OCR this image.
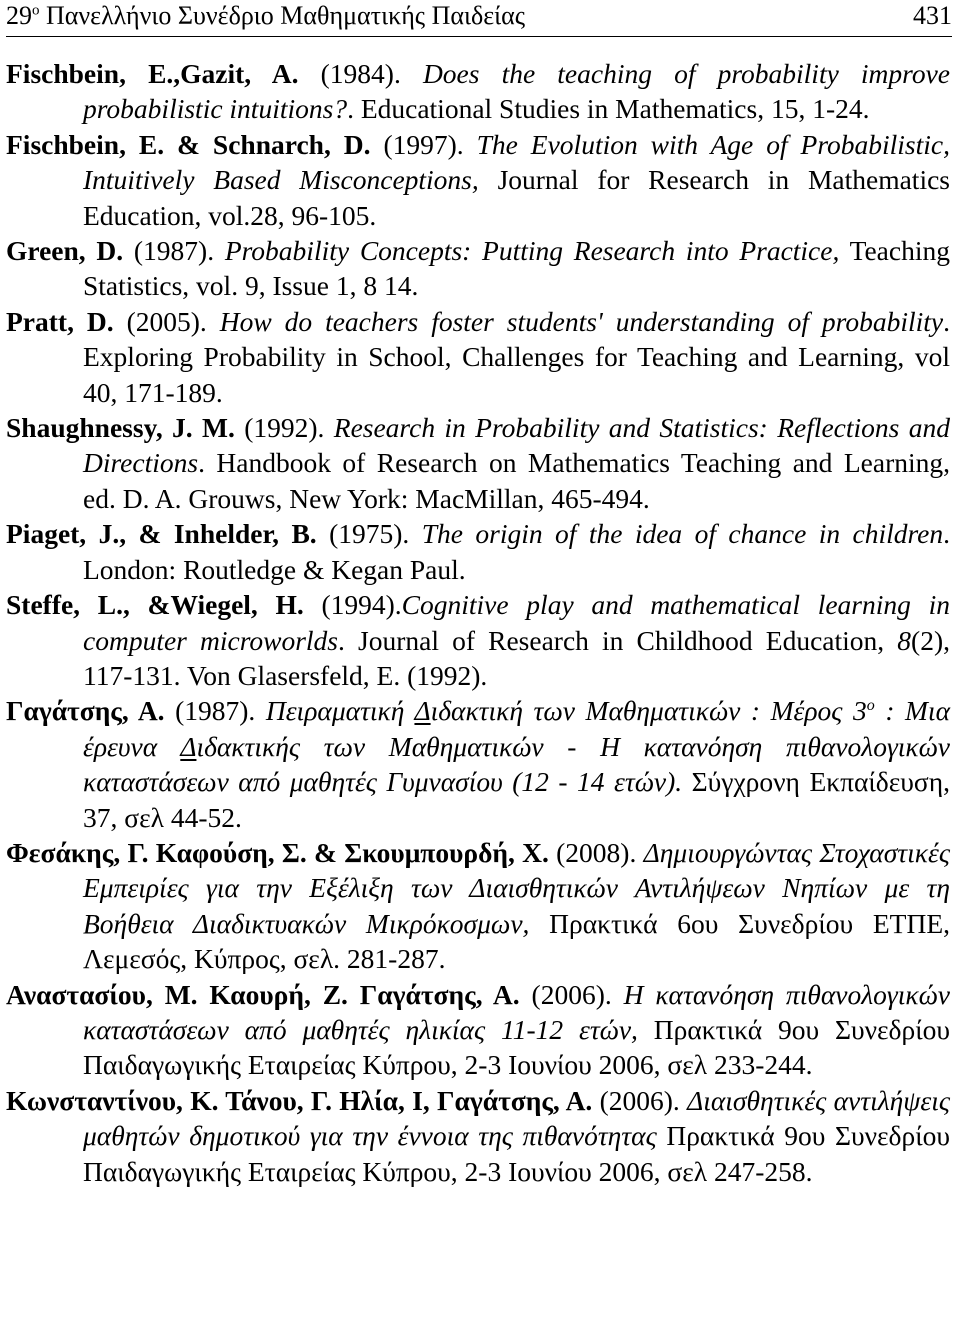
$29^o$ Πανελλήνιο Συνέδριο Μαθηματικής Παιδείας	431
Fischbein, E.,Gazit, A. (1984). Does the teaching of probability improve probabilistic intuitions?. Educational Studies in Mathematics, 15, 1-24.
Fischbein, E. & Schnarch, D. (1997). The Evolution with Age of Probabilistic, Intuitively Based Misconceptions, Journal for Research in Mathematics Education, vol.28, 96-105.
Green, D. (1987). Probability Concepts: Putting Research into Practice, Teaching Statistics, vol. 9, Issue 1, 8 14.
Pratt, D. (2005). How do teachers foster students' understanding of probability. Exploring Probability in School, Challenges for Teaching and Learning, vol 40, 171-189.
Shaughnessy, J. M. (1992). Research in Probability and Statistics: Reflections and Directions. Handbook of Research on Mathematics Teaching and Learning, ed. D. A. Grouws, New York: MacMillan, 465-494.
Piaget, J., & Inhelder, B. (1975). The origin of the idea of chance in children. London: Routledge & Kegan Paul.
Steffe, L., &Wiegel, H. (1994).Cognitive play and mathematical learning in computer microworlds. Journal of Research in Childhood Education, 8(2), 117-131. Von Glasersfeld, E. (1992).
Γαγάτσης, Α. (1987). Πειραματική Διδακτική των Μαθηματικών : Μέρος $3^o$ : Μια έρευνα Διδακτικής των Μαθηματικών - Η κατανόηση πιθανολογικών καταστάσεων από μαθητές Γυμνασίου (12 - 14 ετών). Σύγχρονη Εκπαίδευση, 37, σελ 44-52.
Φεσάκης, Γ. Καφούση, Σ. & Σκουμπουρδή, Χ. (2008). Δημιουργώντας Στοχαστικές Εμπειρίες για την Εξέλιξη των Διαισθητικών Αντιλήψεων Νηπίων με τη Βοήθεια Διαδικτυακών Μικρόκοσμων, Πρακτικά 6ου Συνεδρίου ΕΤΠΕ, Λεμεσός, Κύπρος, σελ. 281-287.
Αναστασίου, Μ. Καουρή, Ζ. Γαγάτσης, Α. (2006). Η κατανόηση πιθανολογικών καταστάσεων από μαθητές ηλικίας 11-12 ετών, Πρακτικά 9ου Συνεδρίου Παιδαγωγικής Εταιρείας Κύπρου, 2-3 Ιουνίου 2006, σελ 233-244.
Κωνσταντίνου, Κ. Τάνου, Γ. Ηλία, Ι, Γαγάτσης, Α. (2006). Διαισθητικές αντιλήψεις μαθητών δημοτικού για την έννοια της πιθανότητας Πρακτικά 9ου Συνεδρίου Παιδαγωγικής Εταιρείας Κύπρου, 2-3 Ιουνίου 2006, σελ 247-258.
